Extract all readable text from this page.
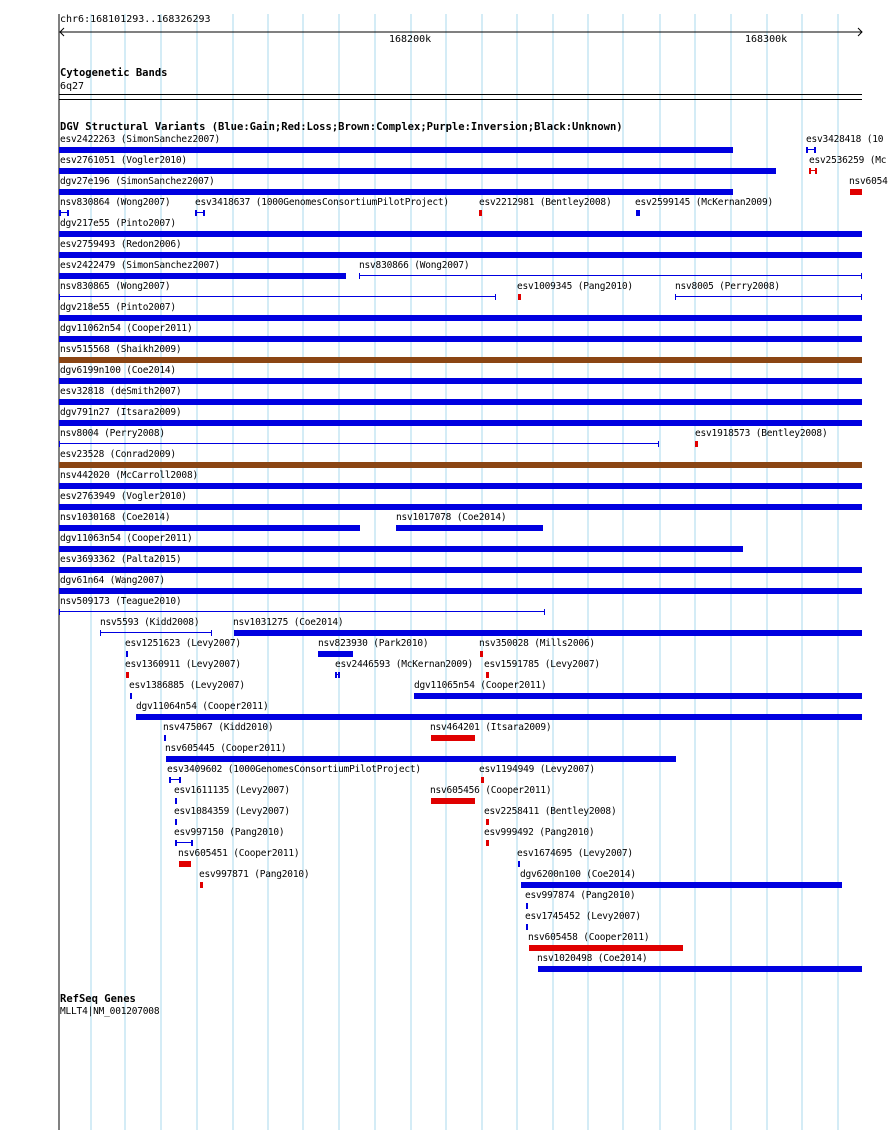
chr6:168101293..168326293
168200k	168300k
Cytogenetic Bands
6q27
DGV Structural Variants (Blue:Gain;Red:Loss;Brown:Complex;Purple:Inversion;Black:Unknown)
esv2422263 (SimonSanchez2007)	esv3428418 (10
esv2761051 (Vogler2010)	esv2536259 (Mc
dgv27e196 (SimonSanchez2007)	nsv6054
nsv830864 (Wong2007)	esv3418637 (1000GenomesConsortiumPilotProject)	esv2212981 (Bentley2008) esv2599145 (McKernan2009)
dgv217e55 (Pinto2007)
esv2759493 (Redon2006)
esv2422479 (SimonSanchez2007)	nsv830866 (Wong2007)
nsv830865 (Wong2007)	esv1009345 (Pang2010)	nsv8005 (Perry2008)
dgv218e55 (Pinto2007)
dgv11062n54 (Cooper2011)
nsv515568 (Shaikh2009)
dgv6199n100 (Coe2014)
esv32818 (deSmith2007)
dgv791n27 (Itsara2009)
nsv8004 (Perry2008)	esv1918573 (Bentley2008)
esv23528 (Conrad2009)
nsv442020 (McCarroll2008)
esv2763949 (Vogler2010)
nsv1030168 (Coe2014)	nsv1017078 (Coe2014)
dgv11063n54 (Cooper2011)
esv3693362 (Palta2015)
dgv61n64 (Wang2007)
nsv509173 (Teague2010)
nsv5593 (Kidd2008)	nsv1031275 (Coe2014)
esv1251623 (Levy2007)	nsv823930 (Park2010)	nsv350028 (Mills2006)
esv1360911 (Levy2007)	esv2446593 (McKernan2009) esv1591785 (Levy2007)
esv1386885 (Levy2007)	dgv11065n54 (Cooper2011)
dgv11064n54 (Cooper2011)
nsv475067 (Kidd2010)	nsv464201 (Itsara2009)
nsv605445 (Cooper2011)
esv3409602 (1000GenomesConsortiumPilotProject)	esv1194949 (Levy2007)
esv1611135 (Levy2007)	nsv605456 (Cooper2011)
esv1084359 (Levy2007)	esv2258411 (Bentley2008)
esv997150 (Pang2010)	esv999492 (Pang2010)
nsv605451 (Cooper2011)	esv1674695 (Levy2007)
esv997871 (Pang2010)	dgv6200n100 (Coe2014)
esv997874 (Pang2010)
esv1745452 (Levy2007)
nsv605458 (Cooper2011)
nsv1020498 (Coe2014)
RefSeq Genes
MLLT4|NM_001207008
